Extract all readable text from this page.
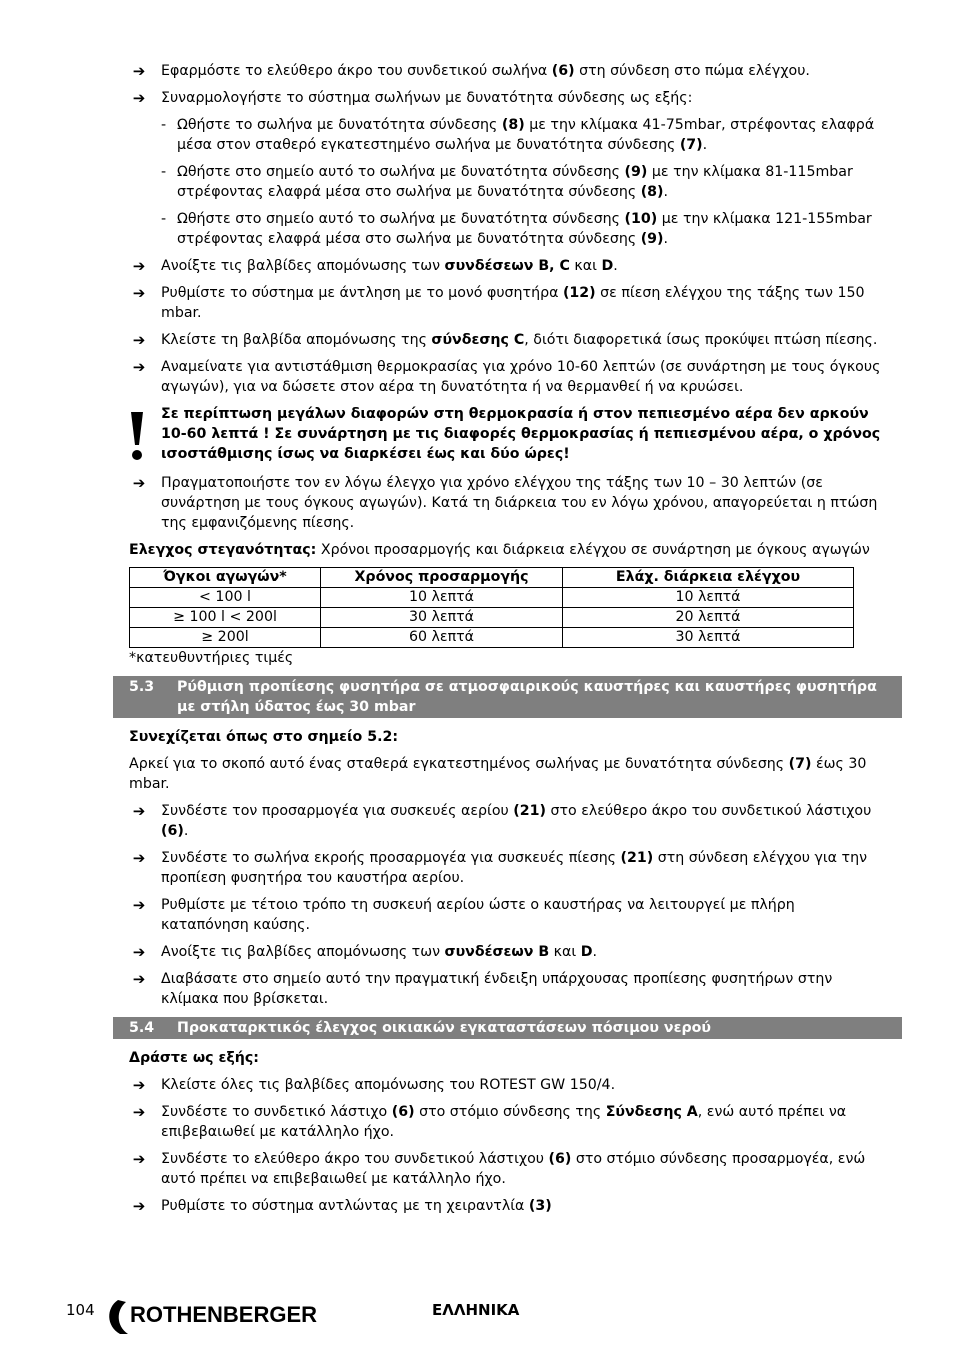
➔ Εφαρμόστε το ελεύθερο άκρο του συνδετικού σωλήνα (6) στη σύνδεση στο πώμα ελέγχου.
➔ Συναρμολογήστε το σύστημα σωλήνων με δυνατότητα σύνδεσης ως εξής:
- Ωθήστε το σωλήνα με δυνατότητα σύνδεσης (8) με την κλίμακα 41-75mbar, στρέφοντας ελαφρά μέσα στον σταθερό εγκατεστημένο σωλήνα με δυνατότητα σύνδεσης (7).
- Ωθήστε στο σημείο αυτό το σωλήνα με δυνατότητα σύνδεσης (9) με την κλίμακα 81-115mbar στρέφοντας ελαφρά μέσα στο σωλήνα με δυνατότητα σύνδεσης (8).
- Ωθήστε στο σημείο αυτό το σωλήνα με δυνατότητα σύνδεσης (10) με την κλίμακα 121-155mbar στρέφοντας ελαφρά μέσα στο σωλήνα με δυνατότητα σύνδεσης (9).
➔ Ανοίξτε τις βαλβίδες απομόνωσης των συνδέσεων B, C και D.
➔ Ρυθμίστε το σύστημα με άντληση με το μονό φυσητήρα (12) σε πίεση ελέγχου της τάξης των 150 mbar.
➔ Κλείστε τη βαλβίδα απομόνωσης της σύνδεσης C, διότι διαφορετικά ίσως προκύψει πτώση πίεσης.
➔ Αναμείνατε για αντιστάθμιση θερμοκρασίας για χρόνο 10-60 λεπτών (σε συνάρτηση με τους όγκους αγωγών), για να δώσετε στον αέρα τη δυνατότητα ή να θερμανθεί ή να κρυώσει.
Σε περίπτωση μεγάλων διαφορών στη θερμοκρασία ή στον πεπιεσμένο αέρα δεν αρκούν 10-60 λεπτά ! Σε συνάρτηση με τις διαφορές θερμοκρασίας ή πεπιεσμένου αέρα, ο χρόνος ισοστάθμισης ίσως να διαρκέσει έως και δύο ώρες!
➔ Πραγματοποιήστε τον εν λόγω έλεγχο για χρόνο ελέγχου της τάξης των 10 – 30 λεπτών (σε συνάρτηση με τους όγκους αγωγών). Κατά τη διάρκεια του εν λόγω χρόνου, απαγορεύεται η πτώση της εμφανιζόμενης πίεσης.
Ελεγχος στεγανότητας: Χρόνοι προσαρμογής και διάρκεια ελέγχου σε συνάρτηση με όγκους αγωγών
Όγκοι αγωγών*	Χρόνος προσαρμογής	Ελάχ. διάρκεια ελέγχου
< 100 l	10 λεπτά	10 λεπτά
≥ 100 l < 200l	30 λεπτά	20 λεπτά
≥ 200l	60 λεπτά	30 λεπτά
*κατευθυντήριες τιμές
5.3 Ρύθμιση προπίεσης φυσητήρα σε ατμοσφαιρικούς καυστήρες και καυστήρες φυσητήρα με στήλη ύδατος έως 30 mbar
Συνεχίζεται όπως στο σημείο 5.2:
Αρκεί για το σκοπό αυτό ένας σταθερά εγκατεστημένος σωλήνας με δυνατότητα σύνδεσης (7) έως 30 mbar.
➔ Συνδέστε τον προσαρμογέα για συσκευές αερίου (21) στο ελεύθερο άκρο του συνδετικού λάστιχου (6).
➔ Συνδέστε το σωλήνα εκροής προσαρμογέα για συσκευές πίεσης (21) στη σύνδεση ελέγχου για την προπίεση φυσητήρα του καυστήρα αερίου.
➔ Ρυθμίστε με τέτοιο τρόπο τη συσκευή αερίου ώστε ο καυστήρας να λειτουργεί με πλήρη καταπόνηση καύσης.
➔ Ανοίξτε τις βαλβίδες απομόνωσης των συνδέσεων B και D.
➔ Διαβάσατε στο σημείο αυτό την πραγματική ένδειξη υπάρχουσας προπίεσης φυσητήρων στην κλίμακα που βρίσκεται.
5.4 Προκαταρκτικός έλεγχος οικιακών εγκαταστάσεων πόσιμου νερού
Δράστε ως εξής:
➔ Κλείστε όλες τις βαλβίδες απομόνωσης του ROTEST GW 150/4.
➔ Συνδέστε το συνδετικό λάστιχο (6) στο στόμιο σύνδεσης της Σύνδεσης A, ενώ αυτό πρέπει να επιβεβαιωθεί με κατάλληλο ήχο.
➔ Συνδέστε το ελεύθερο άκρο του συνδετικού λάστιχου (6) στο στόμιο σύνδεσης προσαρμογέα, ενώ αυτό πρέπει να επιβεβαιωθεί με κατάλληλο ήχο.
➔ Ρυθμίστε το σύστημα αντλώντας με τη χειραντλία (3)
104 ROTHENBERGER	ΕΛΛΗΝΙΚΑ
